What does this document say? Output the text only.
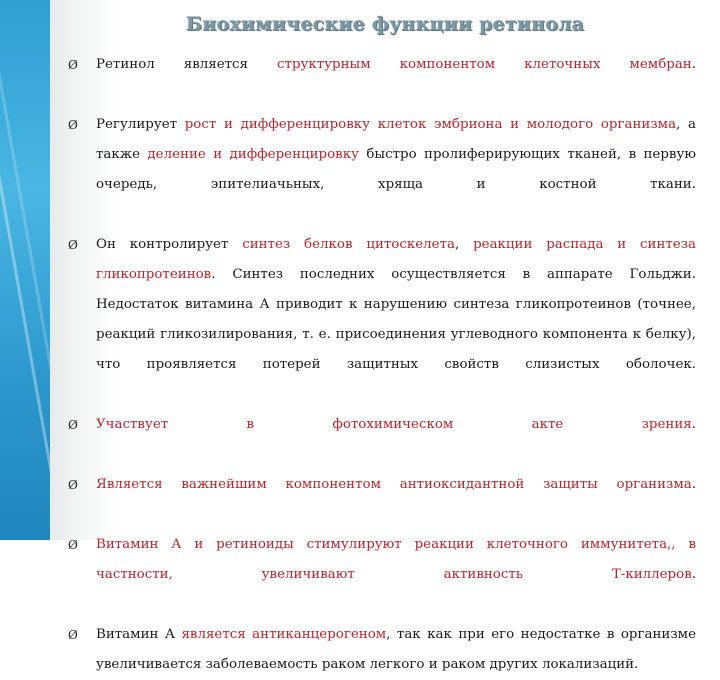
Биохимические функции ретинола
Ø Ретинол является структурным компонентом клеточных мембран.
Ø Регулирует рост и дифференцировку клеток эмбриона и молодого организма, а также деление и дифференцировку быстро пролиферирующих тканей, в первую очередь, эпителиачьных, хряща и костной ткани.
Ø Он контролирует синтез белков цитоскелета, реакции распада и синтеза гликопротеинов. Синтез последних осуществляется в аппарате Гольджи. Недостаток витамина А приводит к нарушению синтеза гликопротеинов (точнее, реакций гликозилирования, т. е. присоединения углеводного компонента к белку), что проявляется потерей защитных свойств слизистых оболочек.
Ø Участвует в фотохимическом акте зрения.
Ø Является важнейшим компонентом антиоксидантной защиты организма.
Ø Витамин А и ретиноиды стимулируют реакции клеточного иммунитета,, в частности, увеличивают активность Т-киллеров.
Ø Витамин А является антиканцерогеном, так как при его недостатке в организме увеличивается заболеваемость раком легкого и раком других локализаций.
